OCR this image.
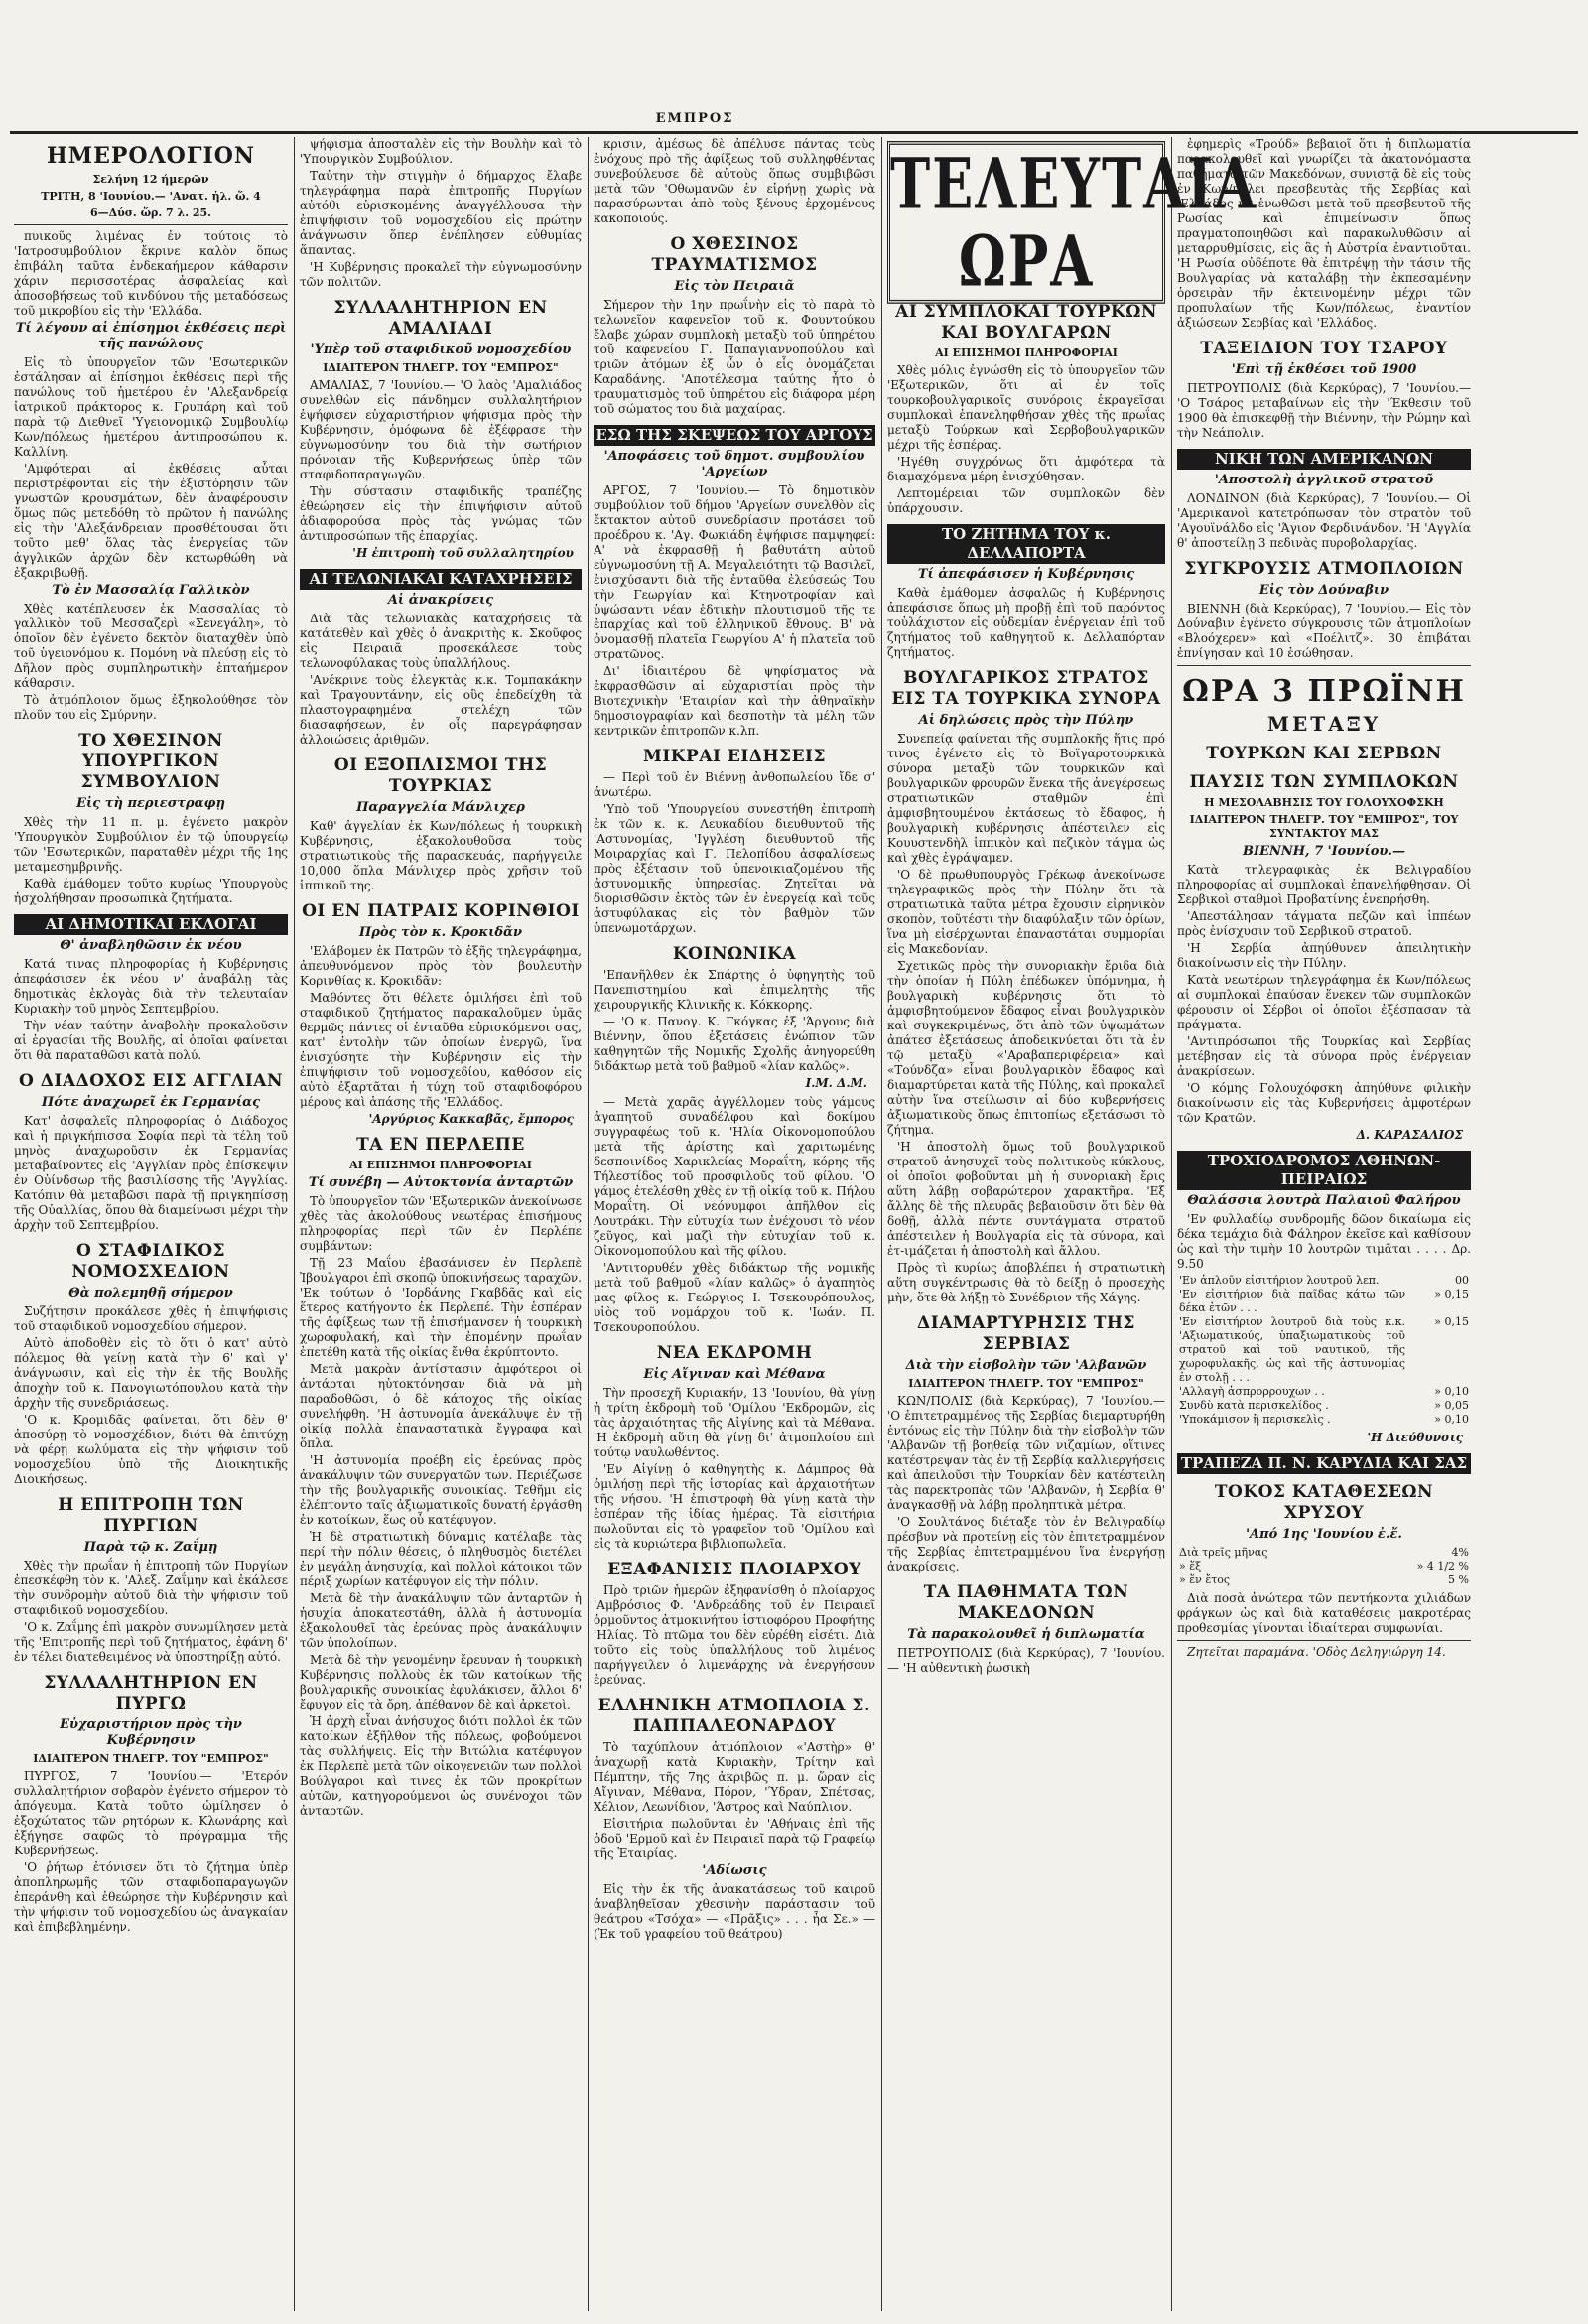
ΕΜΠΡΟΣ
ΗΜΕΡΟΛΟΓΙΟΝ
Σελήνη 12 ήμερῶν
ΤΡΙΤΗ, 8 'Ιουνίου.— 'Ανατ. ἡλ. ὥ. 4
6—Δύσ. ὥρ. 7 λ. 25.

πυικοῦς λιμένας ἐν τούτοις τὸ 'Ιατροσυμβούλιον ἔκρινε καλὸν ὅπως ἐπιβάλη ταῦτα ἐνδεκαήμερον κάθαρσιν χάριν περισσοτέρας ἀσφαλείας καὶ ἀποσοβήσεως τοῦ κινδύνου τῆς μεταδόσεως τοῦ μικροβίου εἰς τὴν 'Ελλάδα.

Τί λέγουν αἱ ἐπίσημοι ἐκθέσεις περὶ τῆς πανώλους

Εἰς τὸ ὑπουργεῖον τῶν 'Εσωτερικῶν ἐστάλησαν αἱ ἐπίσημοι ἐκθέσεις περὶ τῆς πανώλους τοῦ ἡμετέρου ἐν 'Αλεξανδρείᾳ ἰατρικοῦ πράκτορος κ. Γρυπάρη καὶ τοῦ παρὰ τῷ Διεθνεῖ 'Υγειονομικῷ Συμβουλίῳ Κων/πόλεως ἡμετέρου ἀντιπροσώπου κ. Καλλίνη.

'Αμφότεραι αἱ ἐκθέσεις αὗται περιστρέφονται εἰς τὴν ἐξιστόρησιν τῶν γνωστῶν κρουσμάτων, δὲν ἀναφέρουσιν ὅμως πῶς μετεδόθη τὸ πρῶτον ἡ πανώλης εἰς τὴν 'Αλεξάνδρειαν προσθέτουσαι ὅτι τοῦτο μεθ' ὅλας τὰς ἐνεργείας τῶν ἀγγλικῶν ἀρχῶν δὲν κατωρθώθη νὰ ἐξακριβωθῇ.

Τὸ ἐν Μασσαλίᾳ Γαλλικὸν

Χθὲς κατέπλευσεν ἐκ Μασσαλίας τὸ γαλλικὸν τοῦ Μεσσαζερὶ «Σενεγάλη», τὸ ὁποῖον δὲν ἐγένετο δεκτὸν διαταχθὲν ὑπὸ τοῦ ὑγειονόμου κ. Πομόνη νὰ πλεύσῃ εἰς τὸ Δῆλον πρὸς συμπληρωτικὴν ἑπταήμερον κάθαρσιν.

Τὸ ἀτμόπλοιον ὅμως ἐξηκολούθησε τὸν πλοῦν του εἰς Σμύρνην.

ΤΟ ΧΘΕΣΙΝΟΝ ΥΠΟΥΡΓΙΚΟΝ ΣΥΜΒΟΥΛΙΟΝ
Εἰς τὴ περιεστραφῃ

Χθὲς τὴν 11 π. μ. ἐγένετο μακρὸν 'Υπουργικὸν Συμβούλιον ἐν τῷ ὑπουργείῳ τῶν 'Εσωτερικῶν, παραταθὲν μέχρι τῆς 1ης μεταμεσημβρινῆς.

Καθὰ ἐμάθομεν τοῦτο κυρίως 'Υπουργοὺς ἠσχολήθησαν προσωπικὰ ζητήματα.

ΑΙ ΔΗΜΟΤΙΚΑΙ ΕΚΛΟΓΑΙ
Θ' ἀναβληθῶσιν ἐκ νέου

Κατά τινας πληροφορίας ἡ Κυβέρνησις ἀπεφάσισεν ἐκ νέου ν' ἀναβάλῃ τὰς δημοτικὰς ἐκλογὰς διὰ τὴν τελευταίαν Κυριακὴν τοῦ μηνὸς Σεπτεμβρίου.

Τὴν νέαν ταύτην ἀναβολὴν προκαλοῦσιν αἱ ἐργασίαι τῆς Βουλῆς, αἱ ὁποῖαι φαίνεται ὅτι θὰ παραταθῶσι κατὰ πολύ.

Ο ΔΙΑΔΟΧΟΣ ΕΙΣ ΑΓΓΛΙΑΝ
Πότε ἀναχωρεῖ ἐκ Γερμανίας

Κατ' ἀσφαλεῖς πληροφορίας ὁ Διάδοχος καὶ ἡ πριγκήπισσα Σοφία περὶ τὰ τέλη τοῦ μηνὸς ἀναχωροῦσιν ἐκ Γερμανίας μεταβαίνοντες εἰς 'Αγγλίαν πρὸς ἐπίσκεψιν ἐν Οὐίνδσωρ τῆς βασιλίσσης τῆς 'Αγγλίας. Κατόπιν θὰ μεταβῶσι παρὰ τῇ πριγκηπίσσῃ τῆς Οὐαλλίας, ὅπου θὰ διαμείνωσι μέχρι τὴν ἀρχὴν τοῦ Σεπτεμβρίου.

Ο ΣΤΑΦΙΔΙΚΟΣ ΝΟΜΟΣΧΕΔΙΟΝ
Θὰ πολεμηθῇ σήμερον

Συζήτησιν προκάλεσε χθὲς ἡ ἐπιψήφισις τοῦ σταφιδικοῦ νομοσχεδίου σήμερον.

Αὐτὸ ἀποδοθὲν εἰς τὸ ὅτι ὁ κατ' αὐτὸ πόλεμος θὰ γείνῃ κατὰ τὴν 6' καὶ γ' ἀνάγνωσιν, καὶ εἰς τὴν ἐκ τῆς Βουλῆς ἀποχὴν τοῦ κ. Πανογιωτόπουλου κατὰ τὴν ἀρχὴν τῆς συνεδριάσεως.

'Ο κ. Κρομιδᾶς φαίνεται, ὅτι δὲν θ' ἀποσύρῃ τὸ νομοσχέδιον, διότι θὰ ἐπιτύχῃ νὰ φέρῃ κωλύματα εἰς τὴν ψήφισιν τοῦ νομοσχεδίου ὑπὸ τῆς Διοικητικῆς Διοικήσεως.

Η ΕΠΙΤΡΟΠΗ ΤΩΝ ΠΥΡΓΙΩΝ
Παρὰ τῷ κ. Ζαΐμῃ

Χθὲς τὴν πρωΐαν ἡ ἐπιτροπὴ τῶν Πυργίων ἐπεσκέφθη τὸν κ. 'Αλεξ. Ζαΐμην καὶ ἐκάλεσε τὴν συνδρομὴν αὐτοῦ διὰ τὴν ψήφισιν τοῦ σταφιδικοῦ νομοσχεδίου.

'Ο κ. Ζαΐμης ἐπὶ μακρὸν συνωμίλησεν μετὰ τῆς 'Επιτροπῆς περὶ τοῦ ζητήματος, ἐφάνη δ' ἐν τέλει διατεθειμένος νὰ ὑποστηρίξῃ αὐτό.

ΣΥΛΛΑΛΗΤΗΡΙΟΝ ΕΝ ΠΥΡΓΩ
Εὐχαριστήριον πρὸς τὴν Κυβέρνησιν
ΙΔΙΑΙΤΕΡΟΝ ΤΗΛΕΓΡ. ΤΟΥ "ΕΜΠΡΟΣ"

ΠΥΡΓΟΣ, 7 'Ιουνίου.— 'Ετερόν συλλαλητήριον σοβαρὸν ἐγένετο σήμερον τὸ ἀπόγευμα. Κατὰ τοῦτο ὡμίλησεν ὁ ἐξοχώτατος τῶν ρητόρων κ. Κλωνάρης καὶ ἐξήγησε σαφῶς τὸ πρόγραμμα τῆς Κυβερνήσεως.

'Ο ῥήτωρ ἐτόνισεν ὅτι τὸ ζήτημα ὑπὲρ ἀποπληρωμῆς τῶν σταφιδοπαραγωγῶν ἐπεράνθη καὶ ἐθεώρησε τὴν Κυβέρνησιν καὶ τὴν ψήφισιν τοῦ νομοσχεδίου ὡς ἀναγκαίαν καὶ ἐπιβεβλημένην.

ψήφισμα ἀποσταλὲν εἰς τὴν Βουλὴν καὶ τὸ 'Υπουργικὸν Συμβούλιον.

Ταὐτην τὴν στιγμὴν ὁ δήμαρχος ἔλαβε τηλεγράφημα παρὰ ἐπιτροπῆς Πυργίων αὐτόθι εὑρισκομένης ἀναγγέλλουσα τὴν ἐπιψήφισιν τοῦ νομοσχεδίου εἰς πρώτην ἀνάγνωσιν ὅπερ ἐνέπλησεν εὐθυμίας ἅπαντας.

'Η Κυβέρνησις προκαλεῖ τὴν εὐγνωμοσύνην τῶν πολιτῶν.

ΣΥΛΛΑΛΗΤΗΡΙΟΝ ΕΝ ΑΜΑΛΙΑΔΙ
'Υπὲρ τοῦ σταφιδικοῦ νομοσχεδίου
ΙΔΙΑΙΤΕΡΟΝ ΤΗΛΕΓΡ. ΤΟΥ "ΕΜΠΡΟΣ"

ΑΜΑΛΙΑΣ, 7 'Ιουνίου.— 'Ο λαὸς 'Αμαλιάδος συνελθὼν εἰς πάνδημον συλλαλητήριον ἐψήφισεν εὐχαριστήριον ψήφισμα πρὸς τὴν Κυβέρνησιν, ὁμόφωνα δὲ ἐξέφρασε τὴν εὐγνωμοσύνην του διὰ τὴν σωτήριον πρόνοιαν τῆς Κυβερνήσεως ὑπὲρ τῶν σταφιδοπαραγωγῶν.

Τὴν σύστασιν σταφιδικῆς τραπέζης ἐθεώρησεν εἰς τὴν ἐπιψήφισιν αὐτοῦ ἀδιαφορούσα πρὸς τὰς γνώμας τῶν ἀντιπροσώπων τῆς ἐπαρχίας.

'Η ἐπιτροπὴ τοῦ συλλαλητηρίου
ΑΙ ΤΕΛΩΝΙΑΚΑΙ ΚΑΤΑΧΡΗΣΕΙΣ
Αἱ ἀνακρίσεις

Διὰ τὰς τελωνιακὰς καταχρήσεις τὰ κατάτεθὲν καὶ χθὲς ὁ ἀνακριτὴς κ. Σκοῦφος εἰς Πειραιᾶ προσεκάλεσε τοὺς τελωνοφύλακας τοὺς ὑπαλλήλους.

'Ανέκρινε τοὺς ἐλεγκτὰς κ.κ. Τομπακάκην καὶ Τραγουντάνην, εἰς οὓς ἐπεδείχθη τὰ πλαστογραφημένα στελέχη τῶν διασαφήσεων, ἐν οἷς παρεγράφησαν ἀλλοιώσεις ἀριθμῶν.

ΟΙ ΕΞΟΠΛΙΣΜΟΙ ΤΗΣ ΤΟΥΡΚΙΑΣ
Παραγγελία Μάνλιχερ

Καθ' ἀγγελίαν ἐκ Κων/πόλεως ἡ τουρκικὴ Κυβέρνησις, ἐξακολουθοῦσα τοὺς στρατιωτικοὺς τῆς παρασκευάς, παρήγγειλε 10,000 ὅπλα Μάνλιχερ πρὸς χρῆσιν τοῦ ἱππικοῦ της.

ΟΙ ΕΝ ΠΑΤΡΑΙΣ ΚΟΡΙΝΘΙΟΙ
Πρὸς τὸν κ. Κροκιδᾶν

'Ελάβομεν ἐκ Πατρῶν τὸ ἑξῆς τηλεγράφημα, ἀπευθυνόμενον πρὸς τὸν βουλευτὴν Κορινθίας κ. Κροκιδᾶν:

Μαθόντες ὅτι θέλετε ὁμιλήσει ἐπὶ τοῦ σταφιδικοῦ ζητήματος παρακαλοῦμεν ὑμᾶς θερμῶς πάντες οἱ ἐνταῦθα εὑρισκόμενοι σας, κατ' ἐντολὴν τῶν ὁποίων ἐνεργῶ, ἵνα ἐνισχύσητε τὴν Κυβέρνησιν εἰς τὴν ἐπιψήφισιν τοῦ νομοσχεδίου, καθόσον εἰς αὐτὸ ἐξαρτᾶται ἡ τύχη τοῦ σταφιδοφόρου μέρους καὶ ἁπάσης τῆς 'Ελλάδος.

'Αργύριος Κακκαβᾶς, ἔμπορος
ΤΑ ΕΝ ΠΕΡΛΕΠΕ
ΑΙ ΕΠΙΣΗΜΟΙ ΠΛΗΡΟΦΟΡΙΑΙ
Τί συνέβη — Αὐτοκτονία ἀνταρτῶν

Τὸ ὑπουργεῖον τῶν 'Εξωτερικῶν ἀνεκοίνωσε χθὲς τὰς ἀκολούθους νεωτέρας ἐπισήμους πληροφορίας περὶ τῶν ἐν Περλέπε συμβάντων:

Τῇ 23 Μαΐου ἐβασάνισεν ἐν Περλεπὲ Ἰβουλγαροι ἐπὶ σκοπῷ ὑποκινήσεως ταραχῶν. 'Εκ τούτων ὁ 'Ιορδάνης Γκαβδᾶς καὶ εἰς ἕτερος κατήγοντο ἐκ Περλεπέ. Τὴν ἑσπέραν τῆς ἀφίξεως των τῇ ἐπισήμανσεν ἡ τουρκικὴ χωροφυλακή, καὶ τὴν ἐπομένην πρωΐαν ἐπετέθη κατὰ τῆς οἰκίας ἔνθα ἐκρύπτοντο.

Μετὰ μακρὰν ἀντίστασιν ἀμφότεροι οἱ ἀντάρται ηὐτοκτόνησαν διὰ νὰ μὴ παραδοθῶσι, ὁ δὲ κάτοχος τῆς οἰκίας συνελήφθη. 'Η ἀστυνομία ἀνεκάλυψε ἐν τῇ οἰκίᾳ πολλὰ ἐπαναστατικὰ ἔγγραφα καὶ ὅπλα.

'Η ἀστυνομία προέβη εἰς ἐρεύνας πρὸς ἀνακάλυψιν τῶν συνεργατῶν των. Περιέζωσε τὴν τῆς βουλγαρικῆς συνοικίας. Τεθῆμι εἰς ἐλέπτοντο ταῖς ἀξιωματικοῖς δυνατή ἐργάσθη ἐν κατοίκων, ἕως οὗ κατέφυγον.

Ἡ δὲ στρατιωτικὴ δύναμις κατέλαβε τὰς περί τὴν πόλιν θέσεις, ὁ πληθυσμὸς διετέλει ἐν μεγάλῃ ἀνησυχίᾳ, καὶ πολλοὶ κάτοικοι τῶν πέριξ χωρίων κατέφυγον εἰς τὴν πόλιν.

Μετὰ δὲ τὴν ἀνακάλυψιν τῶν ἀνταρτῶν ἡ ἡσυχία ἀποκατεστάθη, ἀλλὰ ἡ ἀστυνομία ἐξακολουθεῖ τὰς ἐρεύνας πρὸς ἀνακάλυψιν τῶν ὑπολοίπων.

Μετὰ δὲ τὴν γενομένην ἔρευναν ἡ τουρκικὴ Κυβέρνησις πολλοὺς ἐκ τῶν κατοίκων τῆς βουλγαρικῆς συνοικίας ἐφυλάκισεν, ἄλλοι δ' ἔφυγον εἰς τὰ ὄρη, ἀπέθανον δὲ καὶ ἀρκετοὶ.

Ἡ ἀρχὴ εἶναι ἀνήσυχος διότι πολλοὶ ἐκ τῶν κατοίκων ἐξῆλθον τῆς πόλεως, φοβούμενοι τὰς συλλήψεις. Εἰς τὴν Βιτώλια κατέφυγον ἐκ Περλεπὲ μετὰ τῶν οἰκογενειῶν των πολλοὶ Βούλγαροι καὶ τινες ἐκ τῶν προκρίτων αὐτῶν, κατηγορούμενοι ὡς συνένοχοι τῶν ἀνταρτῶν.

κρισιν, ἀμέσως δὲ ἀπέλυσε πάντας τοὺς ἐνόχους πρὸ τῆς ἀφίξεως τοῦ συλληφθέντας συνεβούλευσε δὲ αὐτοὺς ὅπως συμβιβῶσι μετὰ τῶν 'Οθωμανῶν ἐν εἰρήνῃ χωρὶς νὰ παρασύρωνται ἀπὸ τοὺς ξένους ἐρχομένους κακοποιούς.

Ο ΧΘΕΣΙΝΟΣ ΤΡΑΥΜΑΤΙΣΜΟΣ
Εἰς τὸν Πειραιᾶ

Σήμερον τὴν 1ην πρωΐνὴν εἰς τὸ παρὰ τὸ τελωνεῖον καφενεῖον τοῦ κ. Φουντούκου ἔλαβε χώραν συμπλοκὴ μεταξὺ τοῦ ὑπηρέτου τοῦ καφενείου Γ. Παπαγιαννοπούλου καὶ τριῶν ἀτόμων ἐξ ὧν ὁ εἷς ὀνομάζεται Καραδάνης. 'Αποτέλεσμα ταύτης ἦτο ὁ τραυματισμὸς τοῦ ὑπηρέτου εἰς διάφορα μέρη τοῦ σώματος του διὰ μαχαίρας.

ΕΣΩ ΤΗΣ ΣΚΕΨΕΩΣ ΤΟΥ ΑΡΓΟΥΣ
'Αποφάσεις τοῦ δημοτ. συμβουλίου 'Αργείων

ΑΡΓΟΣ, 7 'Ιουνίου.— Τὸ δημοτικὸν συμβούλιον τοῦ δήμου 'Αργείων συνελθὸν εἰς ἔκτακτον αὐτοῦ συνεδρίασιν προτάσει τοῦ προέδρου κ. 'Αγ. Φωκιάδη ἐψήφισε παμψηφεί: Α' νὰ ἐκφρασθῇ ἡ βαθυτάτη αὐτοῦ εὐγνωμοσύνη τῇ Α. Μεγαλειότητι τῷ Βασιλεῖ, ἐνισχύσαντι διὰ τῆς ἐνταῦθα ἐλεύσεώς Του τὴν Γεωργίαν καὶ Κτηνοτροφίαν καὶ ὑψώσαντι νέαν ἑδτικὴν πλουτισμοῦ τῆς τε ἐπαρχίας καὶ τοῦ ἑλληνικοῦ ἔθνους. Β' νὰ ὀνομασθῇ πλατεῖα Γεωργίου Α' ἡ πλατεῖα τοῦ στρατῶνος.

Δι' ἰδιαιτέρου δὲ ψηφίσματος νὰ ἐκφρασθῶσιν αἱ εὐχαριστίαι πρὸς τὴν Βιοτεχνικὴν 'Εταιρίαν καὶ τὴν ἀθηναϊκὴν δημοσιογραφίαν καὶ δεσποτὴν τὰ μέλη τῶν κεντρικῶν ἐπιτροπῶν κ.λπ.

ΜΙΚΡΑΙ ΕΙΔΗΣΕΙΣ

— Περὶ τοῦ ἐν Βιέννῃ ἀνθοπωλείου ἴδε σ' ἀνωτέρω.

'Υπὸ τοῦ 'Υπουργείου συνεστήθη ἐπιτροπὴ ἐκ τῶν κ. κ. Λευκαδίου διευθυντοῦ τῆς 'Αστυνομίας, 'Ιγγλέση διευθυντοῦ τῆς Μοιραρχίας καὶ Γ. Πελοπίδου ἀσφαλίσεως πρὸς ἐξέτασιν τοῦ ὑπενοικιαζομένου τῆς ἀστυνομικῆς ὑπηρεσίας. Ζητεῖται νὰ διορισθῶσιν ἐκτὸς τῶν ἐν ἐνεργείᾳ καὶ τοῦς ἀστυφύλακας εἰς τὸν βαθμὸν τῶν ὑπενωμοτάρχων.

ΚΟΙΝΩΝΙΚΑ

'Επανῆλθεν ἐκ Σπάρτης ὁ ὑφηγητὴς τοῦ Πανεπιστημίου καὶ ἐπιμελητὴς τῆς χειρουργικῆς Κλινικῆς κ. Κόκκορης.

— 'Ο κ. Πανογ. Κ. Γκόγκας ἐξ 'Άργους διὰ Βιέννην, ὅπου ἐξετάσεις ἐνώπιον τῶν καθηγητῶν τῆς Νομικῆς Σχολῆς ἀνηγορεύθη διδάκτωρ μετὰ τοῦ βαθμοῦ «λίαν καλῶς».

Ι.Μ. Δ.Μ.

— Μετὰ χαρᾶς ἀγγέλλομεν τοὺς γάμους ἀγαπητοῦ συναδέλφου καὶ δοκίμου συγγραφέως τοῦ κ. 'Ηλία Οἰκονομοπούλου μετὰ τῆς ἀρίστης καὶ χαριτωμένης δεσποινίδος Χαρικλείας Μοραΐτη, κόρης τῆς Τήλεστίδος τοῦ προσφιλοῦς τοῦ φίλου. 'Ο γάμος ἐτελέσθη χθὲς ἐν τῇ οἰκίᾳ τοῦ κ. Πήλου Μοραΐτη. Οἱ νεόνυμφοι ἀπῆλθον εἰς Λουτράκι. Τὴν εὐτυχία των ἐνέχουσι τὸ νέον ζεῦγος, καὶ μαζὶ τὴν εὐτυχίαν τοῦ κ. Οἰκονομοπούλου καὶ τῆς φίλου.

'Αντιτορυθέν χθὲς διδάκτωρ τῆς νομικῆς μετὰ τοῦ βαθμοῦ «λίαν καλῶς» ὁ ἀγαπητὸς μας φίλος κ. Γεώργιος Ι. Τσεκουρόπουλος, υἱὸς τοῦ νομάρχου τοῦ κ. 'Ιωάν. Π. Τσεκουροπούλου.

ΝΕΑ ΕΚΔΡΟΜΗ
Εἰς Αἴγιναν καὶ Μέθανα

Τὴν προσεχῆ Κυριακήν, 13 'Ιουνίου, θὰ γίνῃ ἡ τρίτη ἐκδρομὴ τοῦ 'Ομίλου 'Εκδρομῶν, εἰς τὰς ἀρχαιότητας τῆς Αἰγίνης καὶ τὰ Μέθανα. 'Η ἐκδρομὴ αὕτη θὰ γίνῃ δι' ἀτμοπλοίου ἐπὶ τούτῳ ναυλωθέντος.

'Εν Αἰγίνῃ ὁ καθηγητὴς κ. Δάμπρος θὰ ὁμιλήσῃ περὶ τῆς ἱστορίας καὶ ἀρχαιοτήτων τῆς νήσου. 'Η ἐπιστροφὴ θὰ γίνῃ κατὰ τὴν ἑσπέραν τῆς ἰδίας ἡμέρας. Τὰ εἰσιτήρια πωλοῦνται εἰς τὸ γραφεῖον τοῦ 'Ομίλου καὶ εἰς τὰ κυριώτερα βιβλιοπωλεῖα.

ΕΞΑΦΑΝΙΣΙΣ ΠΛΟΙΑΡΧΟΥ

Πρὸ τριῶν ἡμερῶν ἐξηφανίσθη ὁ πλοίαρχος 'Αμβρόσιος Φ. 'Ανδρεάδης τοῦ ἐν Πειραιεῖ ὁρμοῦντος ἀτμοκινήτου ἱστιοφόρου Προφήτης 'Ηλίας. Τὸ πτῶμα του δὲν εὑρέθη εἰσέτι. Διὰ τοῦτο εἰς τοὺς ὑπαλλήλους τοῦ λιμένος παρήγγειλεν ὁ λιμενάρχης νὰ ἐνεργήσουν ἐρεύνας.

ΕΛΛΗΝΙΚΗ ΑΤΜΟΠΛΟΙΑ Σ. ΠΑΠΠΑΛΕΟΝΑΡΔΟΥ

Τὸ ταχύπλουν ἀτμόπλοιον «'Αστὴρ» θ' ἀναχωρῇ κατὰ Κυριακὴν, Τρίτην καὶ Πέμπτην, τῆς 7ης ἀκριβῶς π. μ. ὥραν εἰς Αἴγιναν, Μέθανα, Πόρον, 'Ύδραν, Σπέτσας, Χέλιον, Λεωνίδιον, 'Άστρος καὶ Ναύπλιον.

Εἰσιτήρια πωλοῦνται ἐν 'Αθήναις ἐπὶ τῆς ὁδοῦ 'Ερμοῦ καὶ ἐν Πειραιεῖ παρὰ τῷ Γραφείῳ τῆς Ἑταιρίας.

'Αδίωσις

Εἰς τὴν ἐκ τῆς ἀνακατάσεως τοῦ καιροῦ ἀναβληθεῖσαν χθεσινὴν παράστασιν τοῦ θεάτρου «Τσόχα» — «Πρᾶξις» . . . ἦα Σε.» — (Ἐκ τοῦ γραφείου τοῦ θεάτρου)

ΤΕΛΕΥΤΑΙΑ ΩΡΑ
ΑΙ ΣΥΜΠΛΟΚΑΙ ΤΟΥΡΚΩΝ ΚΑΙ ΒΟΥΛΓΑΡΩΝ
ΑΙ ΕΠΙΣΗΜΟΙ ΠΛΗΡΟΦΟΡΙΑΙ

Χθὲς μόλις ἐγνώσθη εἰς τὸ ὑπουργεῖον τῶν 'Εξωτερικῶν, ὅτι αἱ ἐν τοῖς τουρκοβουλγαρικοῖς συνόροις ἐκραγεῖσαι συμπλοκαὶ ἐπανεληφθήσαν χθὲς τῆς πρωΐας μεταξὺ Τούρκων καὶ Σερβοβουλγαρικῶν μέχρι τῆς ἑσπέρας.

'Ηγέθη συγχρόνως ὅτι ἀμφότερα τὰ διαμαχόμενα μέρη ἐνισχύθησαν.

Λεπτομέρειαι τῶν συμπλοκῶν δὲν ὑπάρχουσιν.

ΤΟ ΖΗΤΗΜΑ ΤΟΥ κ. ΔΕΛΛΑΠΟΡΤΑ
Τί ἀπεφάσισεν ἡ Κυβέρνησις

Καθὰ ἐμάθομεν ἀσφαλῶς ἡ Κυβέρνησις ἀπεφάσισε ὅπως μὴ προβῇ ἐπὶ τοῦ παρόντος τοὐλάχιστον εἰς οὐδεμίαν ἐνέργειαν ἐπὶ τοῦ ζητήματος τοῦ καθηγητοῦ κ. Δελλαπόρταν ζητήματος.

ΒΟΥΛΓΑΡΙΚΟΣ ΣΤΡΑΤΟΣ ΕΙΣ ΤΑ ΤΟΥΡΚΙΚΑ ΣΥΝΟΡΑ
Αἱ δηλώσεις πρὸς τὴν Πύλην

Συνεπείᾳ φαίνεται τῆς συμπλοκῆς ἥτις πρό τινος ἐγένετο εἰς τὸ Βοϊγαροτουρκικὰ σύνορα μεταξὺ τῶν τουρκικῶν καὶ βουλγαρικῶν φρουρῶν ἕνεκα τῆς ἀνεγέρσεως στρατιωτικῶν σταθμῶν ἐπὶ ἀμφισβητουμένου ἐκτάσεως τὸ ἔδαφος, ἡ βουλγαρικὴ κυβέρνησις ἀπέστειλεν εἰς Κουυστενδὴλ ἱππικὸν καὶ πεζικὸν τάγμα ὡς καὶ χθὲς ἐγράψαμεν.

'Ο δὲ πρωθυπουργὸς Γρέκωφ ἀνεκοίνωσε τηλεγραφικῶς πρὸς τὴν Πύλην ὅτι τὰ στρατιωτικὰ ταῦτα μέτρα ἔχουσιν εἰρηνικὸν σκοπὸν, τοῦτέστι τὴν διαφύλαξιν τῶν ὁρίων, ἵνα μὴ εἰσέρχωνται ἐπαναστάται συμμορίαι εἰς Μακεδονίαν.

Σχετικῶς πρὸς τὴν συνοριακὴν ἔριδα διὰ τὴν ὁποίαν ἡ Πύλη ἐπέδωκεν ὑπόμνημα, ἡ βουλγαρικὴ κυβέρνησις ὅτι τὸ ἀμφισβητούμενον ἔδαφος εἶναι βουλγαρικὸν καὶ συγκεκριμένως, ὅτι ἀπὸ τῶν ὑψωμάτων ἀπάτεσ ἐξετάσεως ἀποδεικνύεται ὅτι τὰ ἐν τῷ μεταξὺ «'Αραβαπεριφέρεια» καὶ «Τούνδζα» εἶναι βουλγαρικὸν ἔδαφος καὶ διαμαρτύρεται κατὰ τῆς Πύλης, καὶ προκαλεῖ αὐτὴν ἵνα στείλωσιν αἱ δύο κυβερνήσεις ἀξιωματικοὺς ὅπως ἐπιτοπίως εξετάσωσι τὸ ζήτημα.

'Η ἀποστολὴ ὅμως τοῦ βουλγαρικοῦ στρατοῦ ἀνησυχεῖ τοὺς πολιτικοὺς κύκλους, οἱ ὁποῖοι φοβοῦνται μὴ ἡ συνοριακὴ ἔρις αὕτη λάβῃ σοβαρώτερον χαρακτῆρα. 'Εξ ἄλλης δὲ τῆς πλευρᾶς βεβαιοῦσιν ὅτι δὲν θὰ δοθῇ, ἀλλὰ πέντε συντάγματα στρατοῦ ἀπέστειλεν ἡ Βουλγαρία εἰς τὰ σύνορα, καὶ ἐτ-ιμάζεται ἡ ἀποστολὴ καὶ ἄλλου.

Πρὸς τὶ κυρίως ἀποβλέπει ἡ στρατιωτικὴ αὕτη συγκέντρωσις θὰ τὸ δείξῃ ὁ προσεχὴς μὴν, ὅτε θὰ λήξῃ τὸ Συνέδριον τῆς Χάγης.

ΔΙΑΜΑΡΤΥΡΗΣΙΣ ΤΗΣ ΣΕΡΒΙΑΣ
Διὰ τὴν εἰσβολὴν τῶν 'Αλβανῶν
ΙΔΙΑΙΤΕΡΟΝ ΤΗΛΕΓΡ. ΤΟΥ "ΕΜΠΡΟΣ"

ΚΩΝ/ΠΟΛΙΣ (διὰ Κερκύρας), 7 'Ιουνίου.— 'Ο ἐπιτετραμμένος τῆς Σερβίας διεμαρτυρήθη ἐντόνως εἰς τὴν Πύλην διὰ τὴν εἰσβολὴν τῶν 'Αλβανῶν τῇ βοηθείᾳ τῶν νιζαμίων, οἵτινες κατέστρεψαν τὰς ἐν τῇ Σερβίᾳ καλλιεργήσεις καὶ ἀπειλοῦσι τὴν Τουρκίαν δὲν κατέστειλη τὰς παρεκτροπὰς τῶν 'Αλβανῶν, ἡ Σερβία θ' ἀναγκασθῇ νὰ λάβῃ προληπτικὰ μέτρα.

'Ο Σουλτάνος διέταξε τὸν ἐν Βελιγραδίῳ πρέσβυν νὰ προτείνῃ εἰς τὸν ἐπιτετραμμένον τῆς Σερβίας ἐπιτετραμμένου ἵνα ἐνεργήσῃ ἀνακρίσεις.

ΤΑ ΠΑΘΗΜΑΤΑ ΤΩΝ ΜΑΚΕΔΟΝΩΝ
Τὰ παρακολουθεῖ ἡ διπλωματία

ΠΕΤΡΟΥΠΟΛΙΣ (διὰ Κερκύρας), 7 'Ιουνίου. — 'Η αὐθεντικὴ ῥωσικὴ

ἐφημερὶς «Τρούδ» βεβαιοῖ ὅτι ἡ διπλωματία παρακολουθεῖ καὶ γνωρίζει τὰ ἀκατονόμαστα παθήματα τῶν Μακεδόνων, συνιστᾷ δὲ εἰς τοὺς ἐν Κων/πόλει πρεσβευτὰς τῆς Σερβίας καὶ 'Ελλάδος νὰ ἑνωθῶσι μετὰ τοῦ πρεσβευτοῦ τῆς Ρωσίας καὶ ἐπιμείνωσιν ὅπως πραγματοποιηθῶσι καὶ παρακωλυθῶσιν αἱ μεταρρυθμίσεις, εἰς ἃς ἡ Αὐστρία ἐναντιοῦται. 'Η Ρωσία οὐδέποτε θὰ ἐπιτρέψῃ τὴν τάσιν τῆς Βουλγαρίας νὰ καταλάβῃ τὴν ἐκπεσαμένην ὁρσειρὰν τῆν ἐκτεινομένην μέχρι τῶν προπυλαίων τῆς Κων/πόλεως, ἐναντίον ἀξιώσεων Σερβίας καὶ 'Ελλάδος.

ΤΑΞΕΙΔΙΟΝ ΤΟΥ ΤΣΑΡΟΥ
'Επὶ τῇ ἐκθέσει τοῦ 1900

ΠΕΤΡΟΥΠΟΛΙΣ (διὰ Κερκύρας), 7 'Ιουνίου.— 'Ο Τσάρος μεταβαίνων εἰς τὴν 'Έκθεσιν τοῦ 1900 θὰ ἐπισκεφθῇ τὴν Βιέννην, τὴν Ρώμην καὶ τὴν Νεάπολιν.

ΝΙΚΗ ΤΩΝ ΑΜΕΡΙΚΑΝΩΝ
'Αποστολὴ ἀγγλικοῦ στρατοῦ

ΛΟΝΔΙΝΟΝ (διὰ Κερκύρας), 7 'Ιουνίου.— Οἱ 'Αμερικανοὶ κατετρόπωσαν τὸν στρατὸν τοῦ 'Αγουϊνάλδο εἰς 'Άγιον Φερδινάνδον. 'Η 'Αγγλία θ' ἀποστείλῃ 3 πεδινὰς πυροβολαρχίας.

ΣΥΓΚΡΟΥΣΙΣ ΑΤΜΟΠΛΟΙΩΝ
Εἰς τὸν Δούναβιν

ΒΙΕΝΝΗ (διὰ Κερκύρας), 7 'Ιουνίου.— Εἰς τὸν Δούναβιν ἐγένετο σύγκρουσις τῶν ἀτμοπλοίων «Βλοόχερεν» καὶ «Ποέλιτζ». 30 ἐπιβάται ἐπνίγησαν καὶ 10 ἐσώθησαν.

ΩΡΑ 3 ΠΡΩΪΝΗ
ΜΕΤΑΞΥ
ΤΟΥΡΚΩΝ ΚΑΙ ΣΕΡΒΩΝ
ΠΑΥΣΙΣ ΤΩΝ ΣΥΜΠΛΟΚΩΝ
Η ΜΕΣΟΛΑΒΗΣΙΣ ΤΟΥ ΓΟΛΟΥΧΟΦΣΚΗ
ΙΔΙΑΙΤΕΡΟΝ ΤΗΛΕΓΡ. ΤΟΥ "ΕΜΠΡΟΣ", ΤΟΥ ΣΥΝΤΑΚΤΟΥ ΜΑΣ
ΒΙΕΝΝΗ, 7 'Ιουνίου.—

Κατὰ τηλεγραφικὰς ἐκ Βελιγραδίου πληροφορίας αἱ συμπλοκαὶ ἐπανελήφθησαν. Οἱ Σερβικοὶ σταθμοὶ Προβατίνης ἐνεπρήσθη.

'Απεστάλησαν τάγματα πεζῶν καὶ ἱππέων πρὸς ἐνίσχυσιν τοῦ Σερβικοῦ στρατοῦ.

'Η Σερβία ἀπηύθυνεν ἀπειλητικὴν διακοίνωσιν εἰς τὴν Πύλην.

Κατὰ νεωτέρων τηλεγράφημα ἐκ Κων/πόλεως αἱ συμπλοκαὶ ἐπαύσαν ἕνεκεν τῶν συμπλοκῶν φέρουσιν οἱ Σέρβοι οἱ ὁποῖοι ἐξέσπασαν τὰ πράγματα.

'Αντιπρόσωποι τῆς Τουρκίας καὶ Σερβίας μετέβησαν εἰς τὰ σύνορα πρὸς ἐνέργειαν ἀνακρίσεων.

'Ο κόμης Γολουχόφσκη ἀπηύθυνε φιλικὴν διακοίνωσιν εἰς τὰς Κυβερνήσεις ἀμφοτέρων τῶν Κρατῶν.

Δ. ΚΑΡΑΣΑΛΙΟΣ
ΤΡΟΧΙΟΔΡΟΜΟΣ ΑΘΗΝΩΝ-ΠΕΙΡΑΙΩΣ
Θαλάσσια λουτρὰ Παλαιοῦ Φαλήρου

'Εν φυλλαδίῳ συνδρομῆς δῶον δικαίωμα εἰς δέκα τεμάχια διὰ Φάληρον ἐκεῖσε καὶ καθίσουν ὡς καὶ τὴν τιμὴν 10 λουτρῶν τιμᾶται . . . . Δρ. 9.50

'Εν ἁπλοῦν εἰσιτήριον λουτροῦ λεπ.	00
'Εν εἰσιτήριον διὰ παῖδας κάτω τῶν δέκα ἐτῶν . . .	» 0,15
'Εν εἰσιτήριον λουτροῦ διὰ τοὺς κ.κ. 'Αξιωματικούς, ὑπαξιωματικοὺς τοῦ στρατοῦ καὶ τοῦ ναυτικοῦ, τῆς χωροφυλακῆς, ὡς καὶ τῆς ἀστυνομίας ἐν στολῇ . . .	» 0,15
'Αλλαγὴ ἀσπρορρουχων . .	» 0,10
Συνδὺ κατὰ περισκελίδος .	» 0,05
'Υποκάμισον ἢ περισκελὶς .	» 0,10
'Η Διεύθυνσις
ΤΡΑΠΕΖΑ Π. Ν. ΚΑΡΥΔΙΑ ΚΑΙ ΣΑΣ
ΤΟΚΟΣ ΚΑΤΑΘΕΣΕΩΝ ΧΡΥΣΟΥ
'Από 1ης 'Ιουνίου ἐ.ἔ.
Διὰ τρεῖς μῆνας	4%
» ἕξ	» 4 1/2 %
» ἕν ἔτος	5 %

Διὰ ποσὰ ἀνώτερα τῶν πεντήκοντα χιλιάδων φράγκων ὡς καὶ διὰ καταθέσεις μακροτέρας προθεσμίας γίνονται ἰδιαίτεραι συμφωνίαι.

Ζητεῖται παραμάνα. 'Οδὸς Δεληγιώργη 14.
